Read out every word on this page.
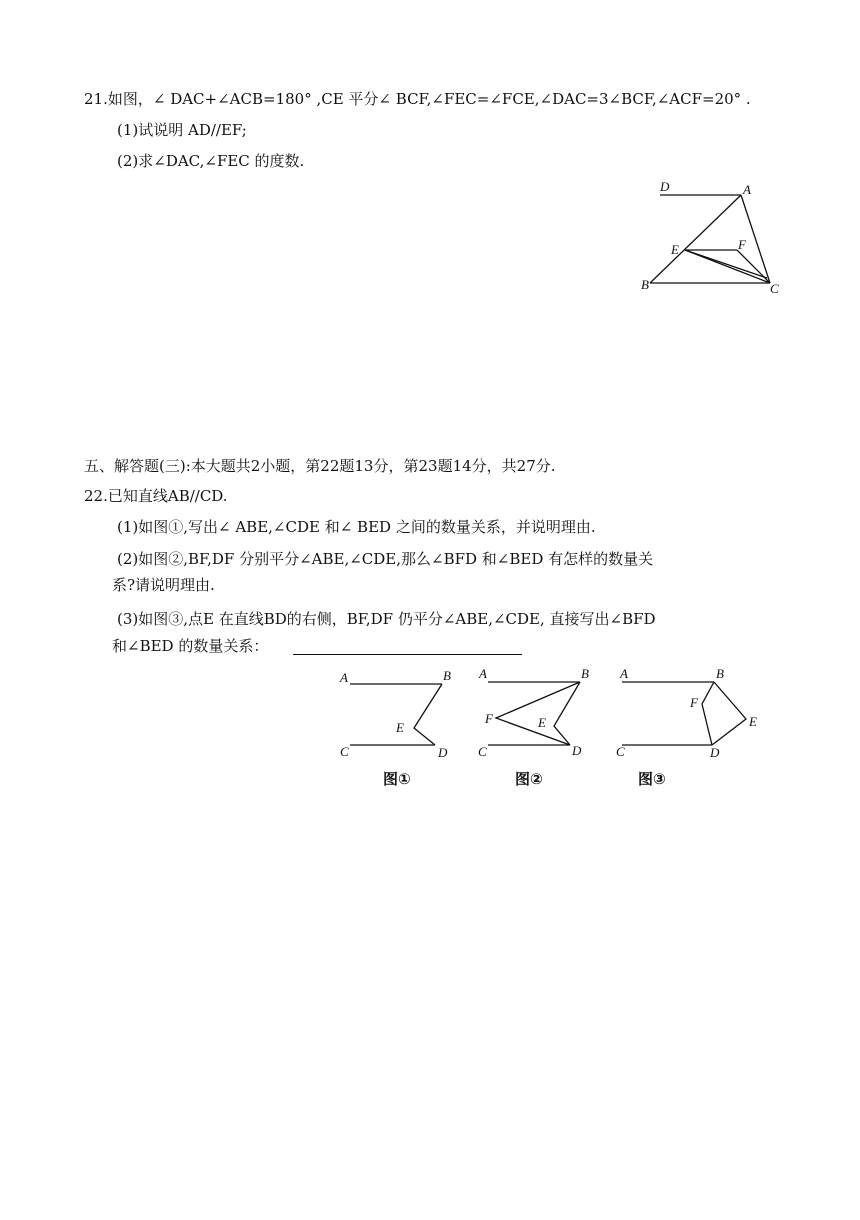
21.如图，∠ DAC+∠ACB=180° ,CE 平分∠ BCF,∠FEC=∠FCE,∠DAC=3∠BCF,∠ACF=20° .
(1)试说明 AD//EF;
(2)求∠DAC,∠FEC 的度数.
D	A
E	F
B	C
五、解答题(三):本大题共2小题，第22题13分，第23题14分，共27分.
22.已知直线AB//CD.
(1)如图①,写出∠ ABE,∠CDE 和∠ BED 之间的数量关系，并说明理由.
(2)如图②,BF,DF 分别平分∠ABE,∠CDE,那么∠BFD 和∠BED 有怎样的数量关
系?请说明理由.
(3)如图③,点E 在直线BD的右侧，BF,DF 仍平分∠ABE,∠CDE, 直接写出∠BFD
和∠BED 的数量关系：
A	B
E
C	D
图①
A	B
F	E
C	D
图②
A	B
F
E
C	D
图③
